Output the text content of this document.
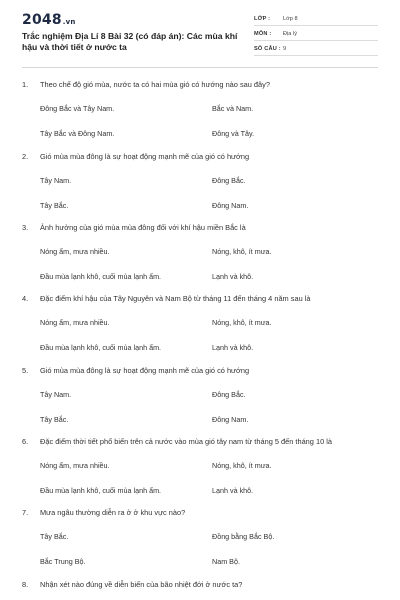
2048.vn
Trắc nghiệm Địa Lí 8 Bài 32 (có đáp án): Các mùa khí hậu và thời tiết ở nước ta
LỚP :	Lớp 8
MÔN :	Địa lý
SỐ CÂU : 9
1. Theo chế độ gió mùa, nước ta có hai mùa gió có hướng nào sau đây?
Đông Bắc và Tây Nam.	Bắc và Nam.
Tây Bắc và Đông Nam.	Đông và Tây.
2. Gió mùa mùa đông là sự hoạt động mạnh mẽ của gió có hướng
Tây Nam.	Đông Bắc.
Tây Bắc.	Đông Nam.
3. Ảnh hưởng của gió mùa mùa đông đối với khí hậu miền Bắc là
Nóng ẩm, mưa nhiều.	Nóng, khô, ít mưa.
Đầu mùa lạnh khô, cuối mùa lạnh ẩm.	Lạnh và khô.
4. Đặc điểm khí hậu của Tây Nguyên và Nam Bộ từ tháng 11 đến tháng 4 năm sau là
Nóng ẩm, mưa nhiều.	Nóng, khô, ít mưa.
Đầu mùa lạnh khô, cuối mùa lạnh ẩm.	Lạnh và khô.
5. Gió mùa mùa đông là sự hoạt động mạnh mẽ của gió có hướng
Tây Nam.	Đông Bắc.
Tây Bắc.	Đông Nam.
6. Đặc điểm thời tiết phổ biến trên cả nước vào mùa gió tây nam từ tháng 5 đến tháng 10 là
Nóng ẩm, mưa nhiều.	Nóng, khô, ít mưa.
Đầu mùa lạnh khô, cuối mùa lạnh ẩm.	Lạnh và khô.
7. Mưa ngâu thường diễn ra ở ở khu vực nào?
Tây Bắc.	Đồng bằng Bắc Bộ.
Bắc Trung Bộ.	Nam Bộ.
8. Nhận xét nào đúng về diễn biến của bão nhiệt đới ở nước ta?
